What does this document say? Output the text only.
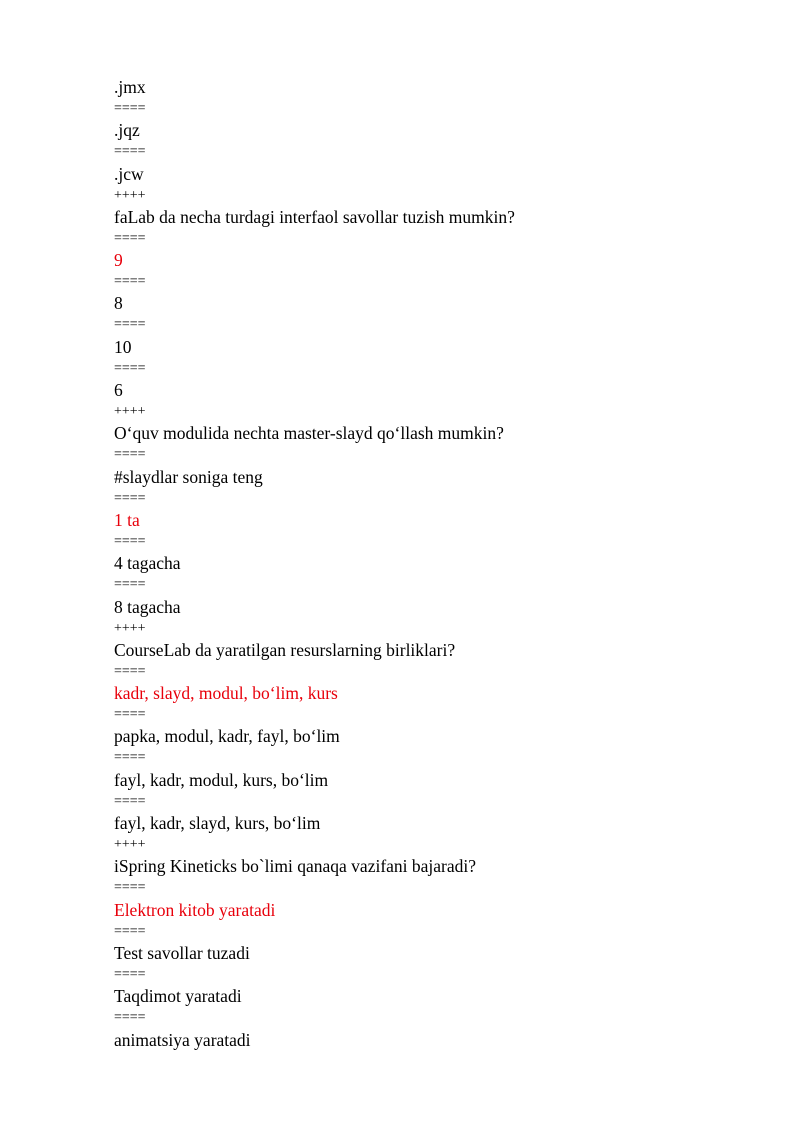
.jmx
====
.jqz
====
.jcw
++++
faLab da necha turdagi interfaol savollar tuzish mumkin?
====
9
====
8
====
10
====
6
++++
O‘quv modulida nechta master-slayd qo‘llash mumkin?
====
#slaydlar soniga teng
====
1 ta
====
4 tagacha
====
8 tagacha
++++
CourseLab da yaratilgan resurslarning birliklari?
====
kadr, slayd, modul, bo‘lim, kurs
====
papka, modul, kadr, fayl, bo‘lim
====
fayl, kadr, modul, kurs, bo‘lim
====
fayl, kadr, slayd, kurs, bo‘lim
++++
iSpring Kineticks bo`limi qanaqa vazifani bajaradi?
====
Elektron kitob yaratadi
====
Test savollar tuzadi
====
Taqdimot yaratadi
====
animatsiya yaratadi
